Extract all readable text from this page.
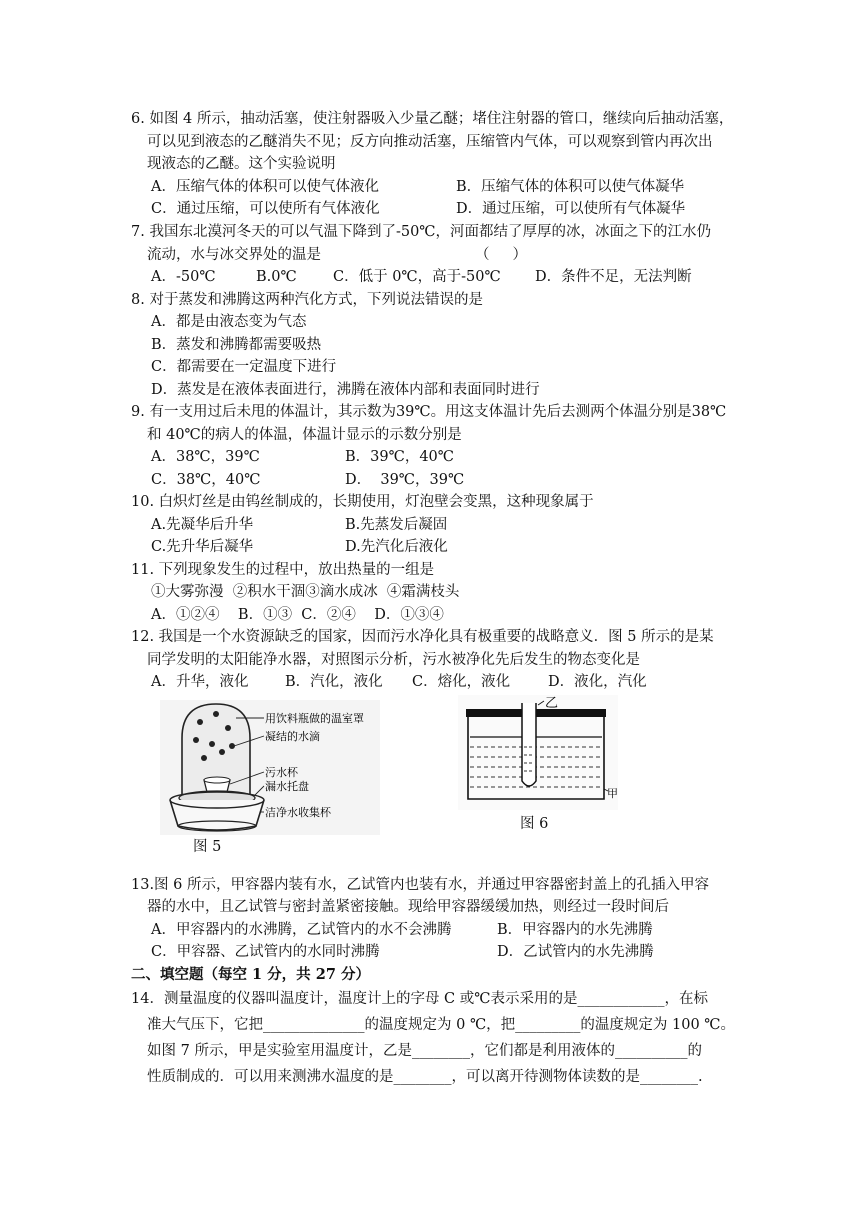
6. 如图 4 所示，抽动活塞，使注射器吸入少量乙醚；堵住注射器的管口，继续向后抽动活塞，
可以见到液态的乙醚消失不见；反方向推动活塞，压缩管内气体，可以观察到管内再次出
现液态的乙醚。这个实验说明
A．压缩气体的体积可以使气体液化	B．压缩气体的体积可以使气体凝华
C．通过压缩，可以使所有气体液化	D．通过压缩，可以使所有气体凝华
7. 我国东北漠河冬天的可以气温下降到了-50℃，河面都结了厚厚的冰，冰面之下的江水仍
流动，水与冰交界处的温是	（     ）
A．-50℃	B.0℃	C．低于 0℃，高于-50℃ D．条件不足，无法判断
8. 对于蒸发和沸腾这两种汽化方式，下列说法错误的是
A．都是由液态变为气态
B．蒸发和沸腾都需要吸热
C．都需要在一定温度下进行
D．蒸发是在液体表面进行，沸腾在液体内部和表面同时进行
9. 有一支用过后未甩的体温计，其示数为39℃。用这支体温计先后去测两个体温分别是38℃
和 40℃的病人的体温，体温计显示的示数分别是
A．38℃，39℃	B．39℃，40℃
C．38℃，40℃	D．  39℃，39℃
10. 白炽灯丝是由钨丝制成的，长期使用，灯泡壁会变黑，这种现象属于
A.先凝华后升华	B.先蒸发后凝固
C.先升华后凝华	D.先汽化后液化
11. 下列现象发生的过程中，放出热量的一组是
①大雾弥漫  ②积水干涸③滴水成冰  ④霜满枝头
A．①②④    B．①③  C．②④    D．①③④
12. 我国是一个水资源缺乏的国家，因而污水净化具有极重要的战略意义．图 5 所示的是某
同学发明的太阳能净水器，对照图示分析，污水被净化先后发生的物态变化是
A．升华，液化	B．汽化，液化 C．熔化，液化	D．液化，汽化
用饮料瓶做的温室罩
凝结的水滴
污水杯
漏水托盘
洁净水收集杯
图 5
乙
甲
图 6
13.图 6 所示，甲容器内装有水，乙试管内也装有水，并通过甲容器密封盖上的孔插入甲容
器的水中，且乙试管与密封盖紧密接触。现给甲容器缓缓加热，则经过一段时间后
A．甲容器内的水沸腾，乙试管内的水不会沸腾	B．甲容器内的水先沸腾
C．甲容器、乙试管内的水同时沸腾	D．乙试管内的水先沸腾
二、填空题（每空 1 分，共 27 分）
14．测量温度的仪器叫温度计，温度计上的字母 C 或℃表示采用的是____________，在标
准大气压下，它把______________的温度规定为 0 ℃，把_________的温度规定为 100 ℃。
如图 7 所示，甲是实验室用温度计，乙是________，它们都是利用液体的__________的
性质制成的．可以用来测沸水温度的是________，可以离开待测物体读数的是________.
